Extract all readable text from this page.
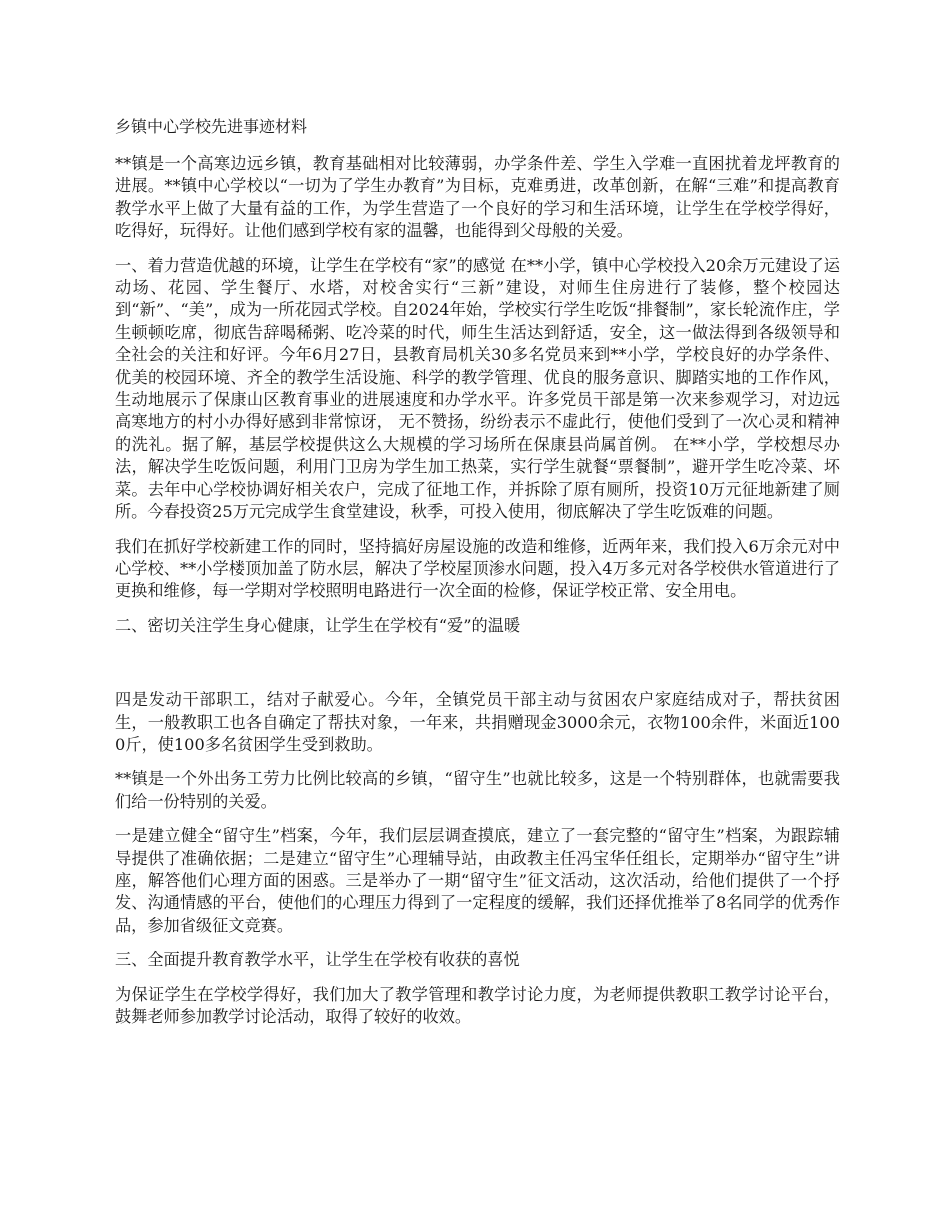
乡镇中心学校先进事迹材料

**镇是一个高寒边远乡镇，教育基础相对比较薄弱，办学条件差、学生入学难一直困扰着龙坪教育的进展。**镇中心学校以“一切为了学生办教育”为目标，克难勇进，改革创新，在解“三难”和提高教育教学水平上做了大量有益的工作，为学生营造了一个良好的学习和生活环境，让学生在学校学得好，吃得好，玩得好。让他们感到学校有家的温馨，也能得到父母般的关爱。

一、着力营造优越的环境，让学生在学校有“家”的感觉 在**小学，镇中心学校投入20余万元建设了运动场、花园、学生餐厅、水塔，对校舍实行“三新”建设，对师生住房进行了装修，整个校园达到“新”、“美”，成为一所花园式学校。自2024年始，学校实行学生吃饭“排餐制”，家长轮流作庄，学生顿顿吃席，彻底告辞喝稀粥、吃冷菜的时代，师生生活达到舒适，安全，这一做法得到各级领导和全社会的关注和好评。今年6月27日，县教育局机关30多名党员来到**小学，学校良好的办学条件、优美的校园环境、齐全的教学生活设施、科学的教学管理、优良的服务意识、脚踏实地的工作作风，生动地展示了保康山区教育事业的进展速度和办学水平。许多党员干部是第一次来参观学习，对边远高寒地方的村小办得好感到非常惊讶， 无不赞扬，纷纷表示不虚此行，使他们受到了一次心灵和精神的洗礼。据了解，基层学校提供这么大规模的学习场所在保康县尚属首例。 在**小学，学校想尽办法，解决学生吃饭问题，利用门卫房为学生加工热菜，实行学生就餐“票餐制”，避开学生吃冷菜、坏菜。去年中心学校协调好相关农户，完成了征地工作，并拆除了原有厕所，投资10万元征地新建了厕所。今春投资25万元完成学生食堂建设，秋季，可投入使用，彻底解决了学生吃饭难的问题。

我们在抓好学校新建工作的同时，坚持搞好房屋设施的改造和维修，近两年来，我们投入6万余元对中心学校、**小学楼顶加盖了防水层，解决了学校屋顶渗水问题，投入4万多元对各学校供水管道进行了更换和维修，每一学期对学校照明电路进行一次全面的检修，保证学校正常、安全用电。

二、密切关注学生身心健康，让学生在学校有“爱”的温暖

四是发动干部职工，结对子献爱心。今年，全镇党员干部主动与贫困农户家庭结成对子，帮扶贫困生，一般教职工也各自确定了帮扶对象，一年来，共捐赠现金3000余元，衣物100余件，米面近1000斤，使100多名贫困学生受到救助。

**镇是一个外出务工劳力比例比较高的乡镇，“留守生”也就比较多，这是一个特别群体，也就需要我们给一份特别的关爱。

一是建立健全“留守生”档案，今年，我们层层调查摸底，建立了一套完整的“留守生”档案，为跟踪辅导提供了准确依据；二是建立“留守生”心理辅导站，由政教主任冯宝华任组长，定期举办“留守生”讲座，解答他们心理方面的困惑。三是举办了一期“留守生”征文活动，这次活动，给他们提供了一个抒发、沟通情感的平台，使他们的心理压力得到了一定程度的缓解，我们还择优推举了8名同学的优秀作品，参加省级征文竞赛。

三、全面提升教育教学水平，让学生在学校有收获的喜悦

为保证学生在学校学得好，我们加大了教学管理和教学讨论力度，为老师提供教职工教学讨论平台，鼓舞老师参加教学讨论活动，取得了较好的收效。
